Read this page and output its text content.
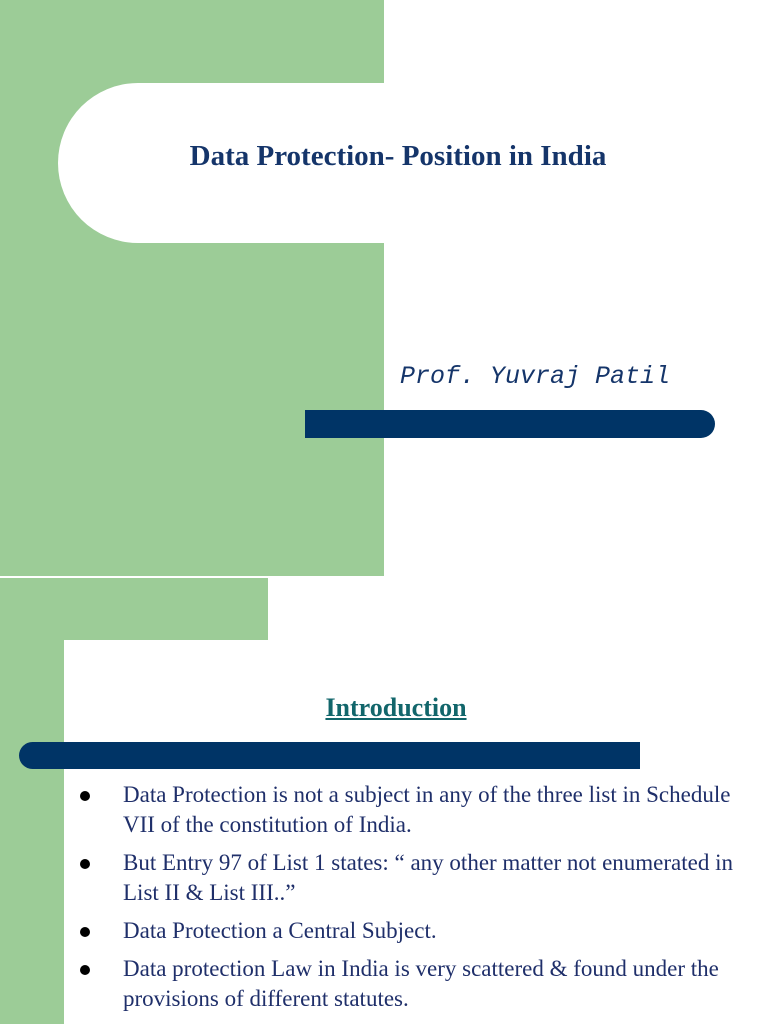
Data Protection- Position in India
Prof. Yuvraj Patil
Introduction
Data Protection is not a subject in any of the three list in Schedule VII of the constitution of India.
But Entry 97 of List 1 states: “ any other matter not enumerated in List II & List III..”
Data Protection a Central Subject.
Data protection Law in India is very scattered & found under the provisions of different statutes.
